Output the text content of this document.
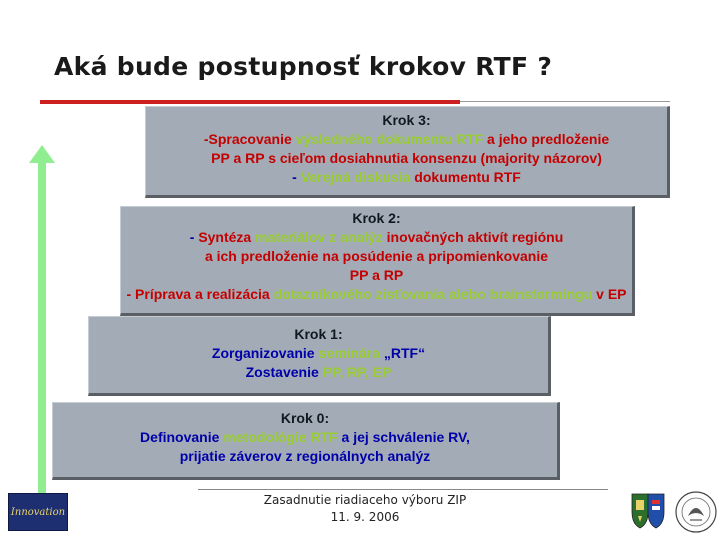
Aká bude postupnosť krokov RTF ?
Krok 3:
-Spracovanie výsledného dokumentu RTF a jeho predloženie
PP a RP s cieľom dosiahnutia konsenzu (majority názorov)
- Verejná diskusia dokumentu RTF
Krok 2:
- Syntéza materiálov z analýz inovačných aktivít regiónu
a ich predloženie na posúdenie a pripomienkovanie
PP a RP
- Príprava a realizácia dotazníkového zisťovania alebo brainstormingu v EP
Krok 1:
Zorganizovanie seminára „RTF“
Zostavenie PP, RP, EP
Krok 0:
Definovanie metodológie RTF a jej schválenie RV,
prijatie záverov z regionálnych analýz
Zasadnutie riadiaceho výboru ZIP
11. 9. 2006
Innovation
